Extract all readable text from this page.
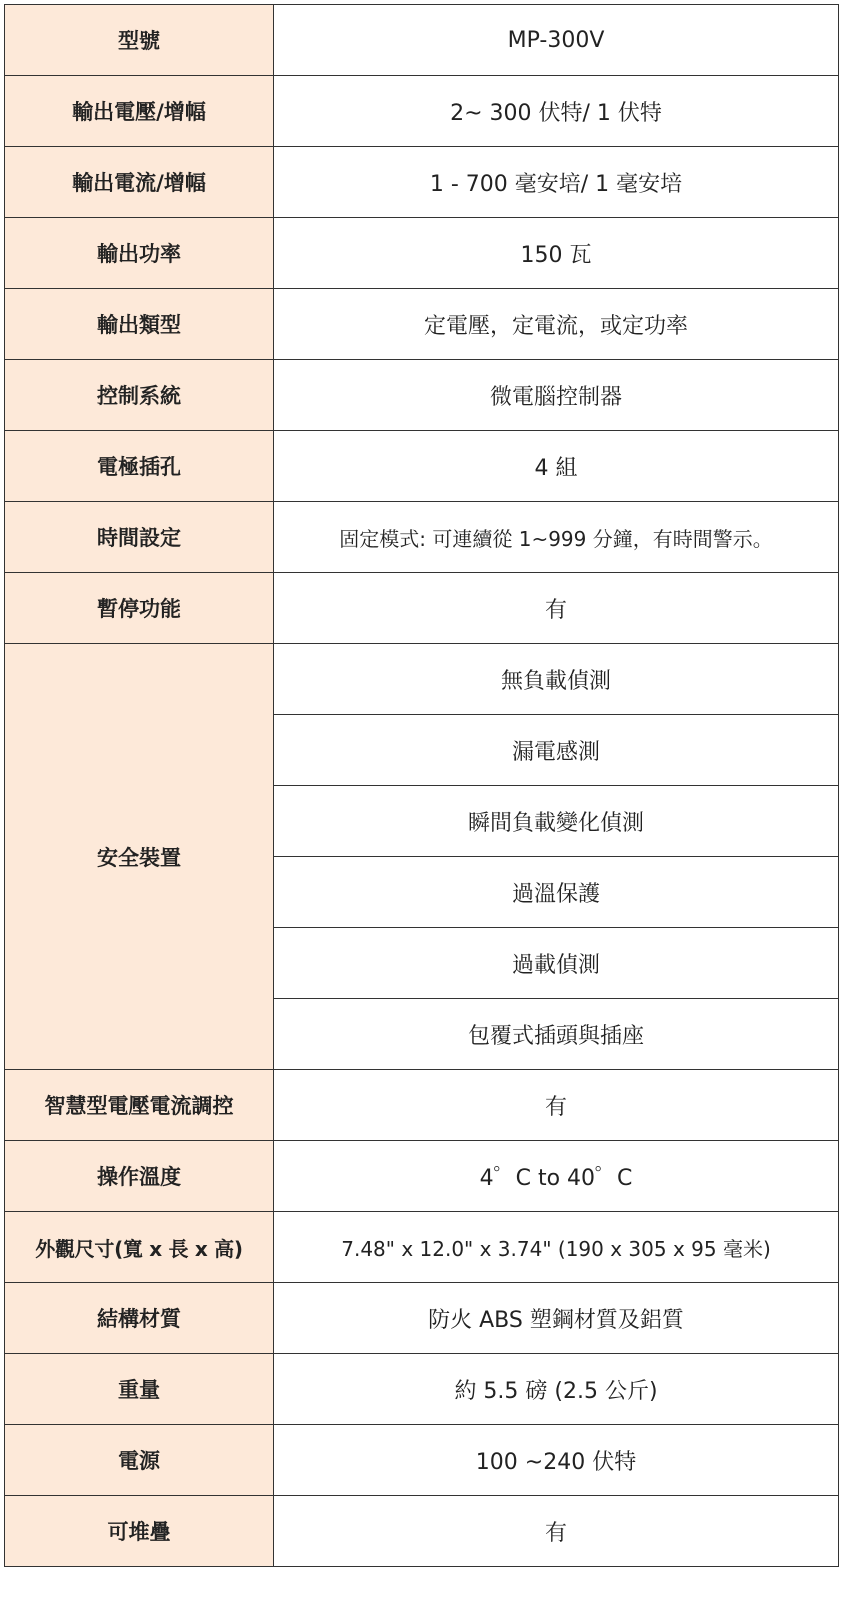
型號	MP-300V
輸出電壓/增幅	2~ 300 伏特/ 1 伏特
輸出電流/增幅	1 - 700 毫安培/ 1 毫安培
輸出功率	150 瓦
輸出類型	定電壓，定電流，或定功率
控制系統	微電腦控制器
電極插孔	4 組
時間設定	固定模式: 可連續從 1~999 分鐘，有時間警示。
暫停功能	有
安全裝置	無負載偵測
	漏電感測
	瞬間負載變化偵測
	過溫保護
	過載偵測
	包覆式插頭與插座
智慧型電壓電流調控	有
操作溫度	4゜C to 40゜C
外觀尺寸(寬 x 長 x 高)	7.48" x 12.0" x 3.74" (190 x 305 x 95 毫米)
結構材質	防火 ABS 塑鋼材質及鋁質
重量	約 5.5 磅 (2.5 公斤)
電源	100 ~240 伏特
可堆疊	有
